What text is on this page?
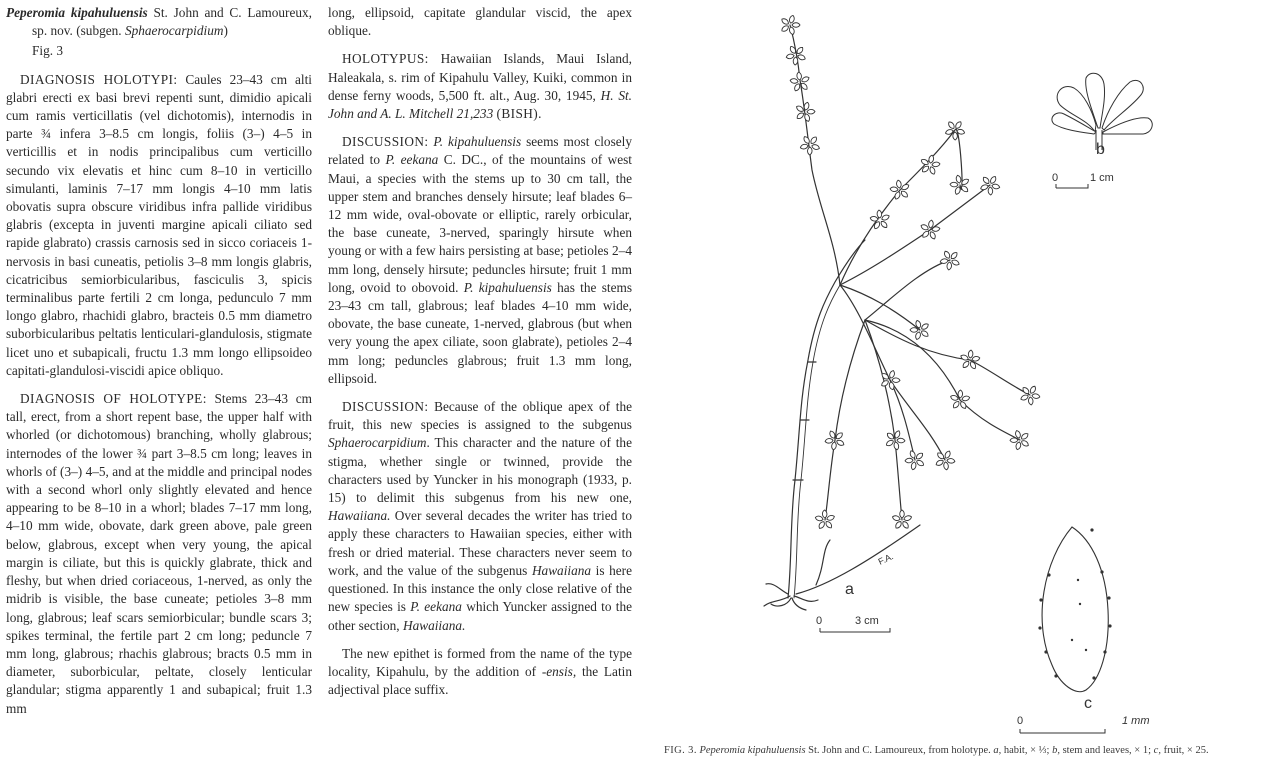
Peperomia kipahuluensis St. John and C. Lamoureux, sp. nov. (subgen. Sphaerocarpidium)

Fig. 3

DIAGNOSIS HOLOTYPI: Caules 23–43 cm alti glabri erecti ex basi brevi repenti sunt, dimidio apicali cum ramis verticillatis (vel dichotomis), internodis in parte ¾ infera 3–8.5 cm longis, foliis (3–) 4–5 in verticillis et in nodis principalibus cum verticillo secundo vix elevatis et hinc cum 8–10 in verticillo simulanti, laminis 7–17 mm longis 4–10 mm latis obovatis supra obscure viridibus infra pallide viridibus glabris (excepta in juventi margine apicali ciliato sed rapide glabrato) crassis carnosis sed in sicco coriaceis 1-nervosis in basi cuneatis, petiolis 3–8 mm longis glabris, cicatricibus semiorbicularibus, fasciculis 3, spicis terminalibus parte fertili 2 cm longa, pedunculo 7 mm longo glabro, rhachidi glabro, bracteis 0.5 mm diametro suborbicularibus peltatis lenticulari-glandulosis, stigmate licet uno et subapicali, fructu 1.3 mm longo ellipsoideo capitati-glandulosi-viscidi apice obliquo.

DIAGNOSIS OF HOLOTYPE: Stems 23–43 cm tall, erect, from a short repent base, the upper half with whorled (or dichotomous) branching, wholly glabrous; internodes of the lower ¾ part 3–8.5 cm long; leaves in whorls of (3–) 4–5, and at the middle and principal nodes with a second whorl only slightly elevated and hence appearing to be 8–10 in a whorl; blades 7–17 mm long, 4–10 mm wide, obovate, dark green above, pale green below, glabrous, except when very young, the apical margin is ciliate, but this is quickly glabrate, thick and fleshy, but when dried coriaceous, 1-nerved, as only the midrib is visible, the base cuneate; petioles 3–8 mm long, glabrous; leaf scars semiorbicular; bundle scars 3; spikes terminal, the fertile part 2 cm long; peduncle 7 mm long, glabrous; rhachis glabrous; bracts 0.5 mm in diameter, suborbicular, peltate, closely lenticular glandular; stigma apparently 1 and subapical; fruit 1.3 mm

long, ellipsoid, capitate glandular viscid, the apex oblique.

HOLOTYPUS: Hawaiian Islands, Maui Island, Haleakala, s. rim of Kipahulu Valley, Kuiki, common in dense ferny woods, 5,500 ft. alt., Aug. 30, 1945, H. St. John and A. L. Mitchell 21,233 (BISH).

DISCUSSION: P. kipahuluensis seems most closely related to P. eekana C. DC., of the mountains of west Maui, a species with the stems up to 30 cm tall, the upper stem and branches densely hirsute; leaf blades 6–12 mm wide, oval-obovate or elliptic, rarely orbicular, the base cuneate, 3-nerved, sparingly hirsute when young or with a few hairs persisting at base; petioles 2–4 mm long, densely hirsute; peduncles hirsute; fruit 1 mm long, ovoid to obovoid. P. kipahuluensis has the stems 23–43 cm tall, glabrous; leaf blades 4–10 mm wide, obovate, the base cuneate, 1-nerved, glabrous (but when very young the apex ciliate, soon glabrate), petioles 2–4 mm long; peduncles glabrous; fruit 1.3 mm long, ellipsoid.

DISCUSSION: Because of the oblique apex of the fruit, this new species is assigned to the subgenus Sphaerocarpidium. This character and the nature of the stigma, whether single or twinned, provide the characters used by Yuncker in his monograph (1933, p. 15) to delimit this subgenus from his new one, Hawaiiana. Over several decades the writer has tried to apply these characters to Hawaiian species, either with fresh or dried material. These characters never seem to work, and the value of the subgenus Hawaiiana is here questioned. In this instance the only close relative of the new species is P. eekana which Yuncker assigned to the other section, Hawaiiana.

The new epithet is formed from the name of the type locality, Kipahulu, by the addition of -ensis, the Latin adjectival place suffix.

a
F.A.
0	3 cm
b
0	1 cm
c
0	1 mm
FIG. 3. Peperomia kipahuluensis St. John and C. Lamoureux, from holotype. a, habit, × ⅓; b, stem and leaves, × 1; c, fruit, × 25.
